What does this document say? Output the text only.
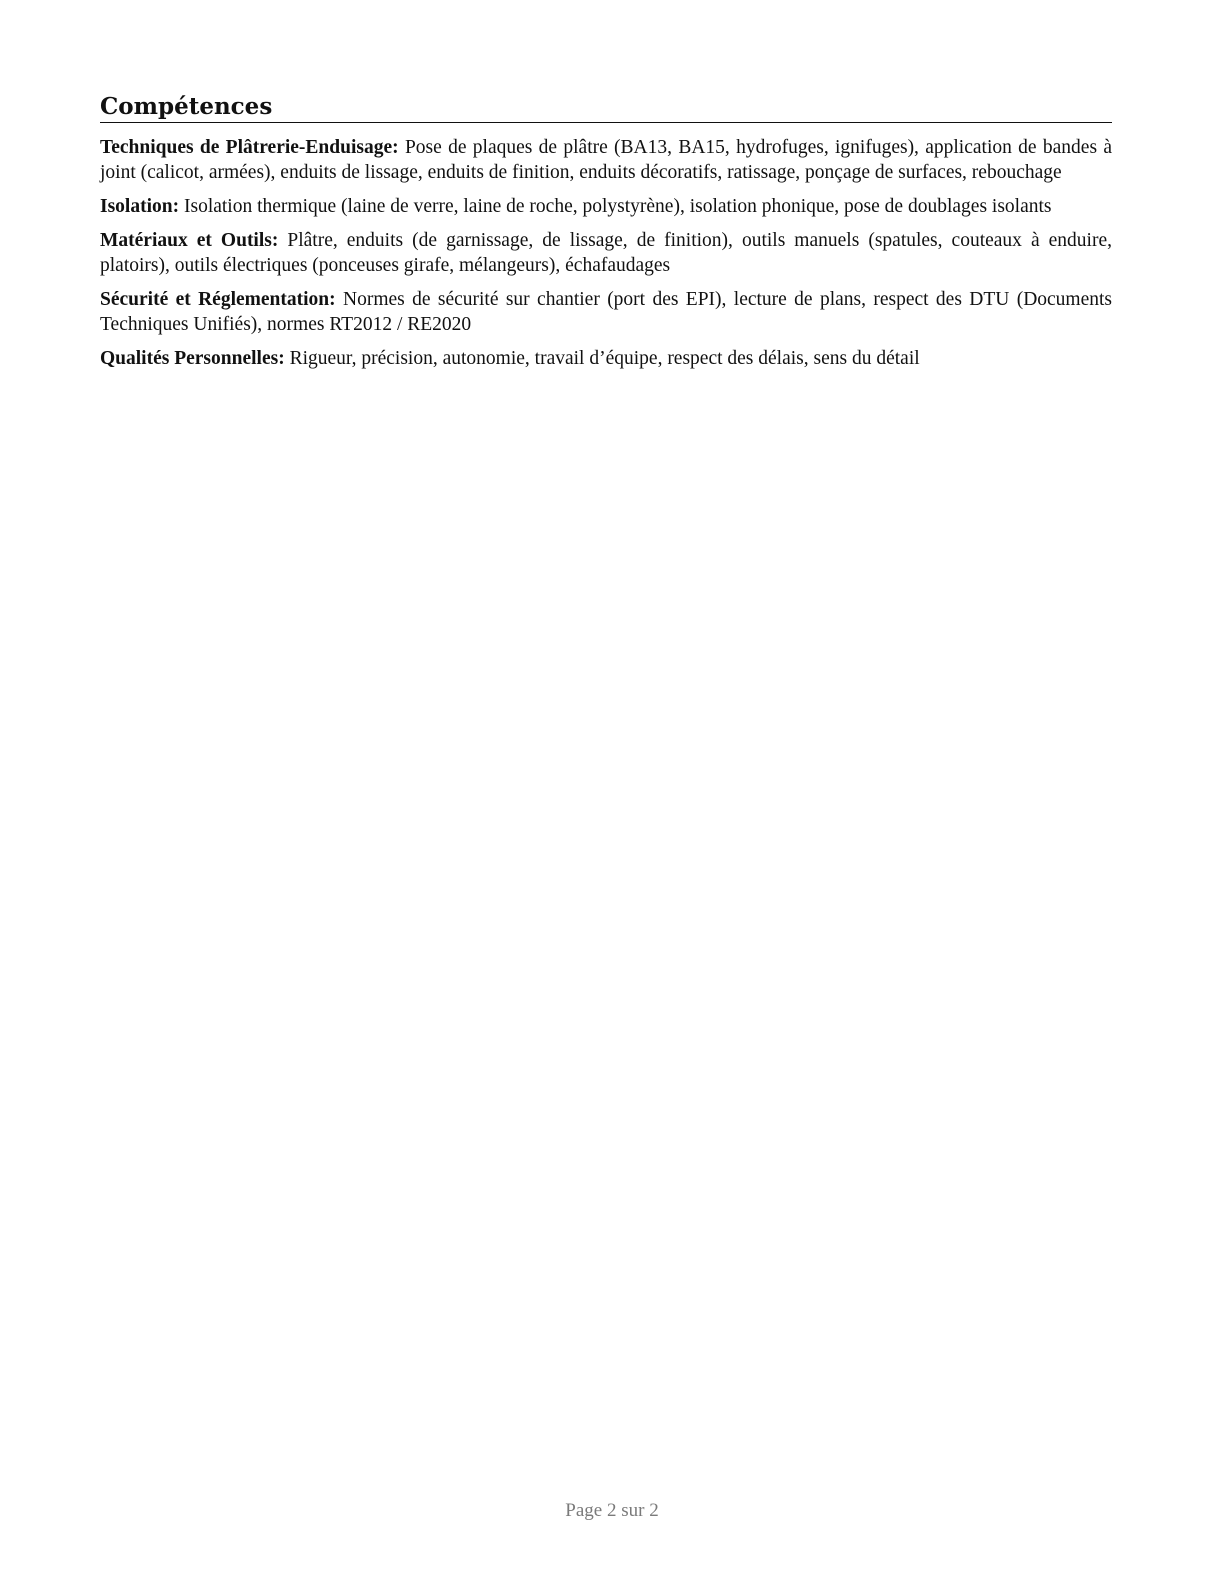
Compétences

Techniques de Plâtrerie-Enduisage: Pose de plaques de plâtre (BA13, BA15, hydrofuges, ignifuges), application de bandes à joint (calicot, armées), enduits de lissage, enduits de finition, enduits décoratifs, ratissage, ponçage de surfaces, rebouchage

Isolation: Isolation thermique (laine de verre, laine de roche, polystyrène), isolation phonique, pose de doublages isolants

Matériaux et Outils: Plâtre, enduits (de garnissage, de lissage, de finition), outils manuels (spatules, couteaux à enduire, platoirs), outils électriques (ponceuses girafe, mélangeurs), échafaudages

Sécurité et Réglementation: Normes de sécurité sur chantier (port des EPI), lecture de plans, respect des DTU (Documents Techniques Unifiés), normes RT2012 / RE2020

Qualités Personnelles: Rigueur, précision, autonomie, travail d’équipe, respect des délais, sens du détail

Page 2 sur 2
